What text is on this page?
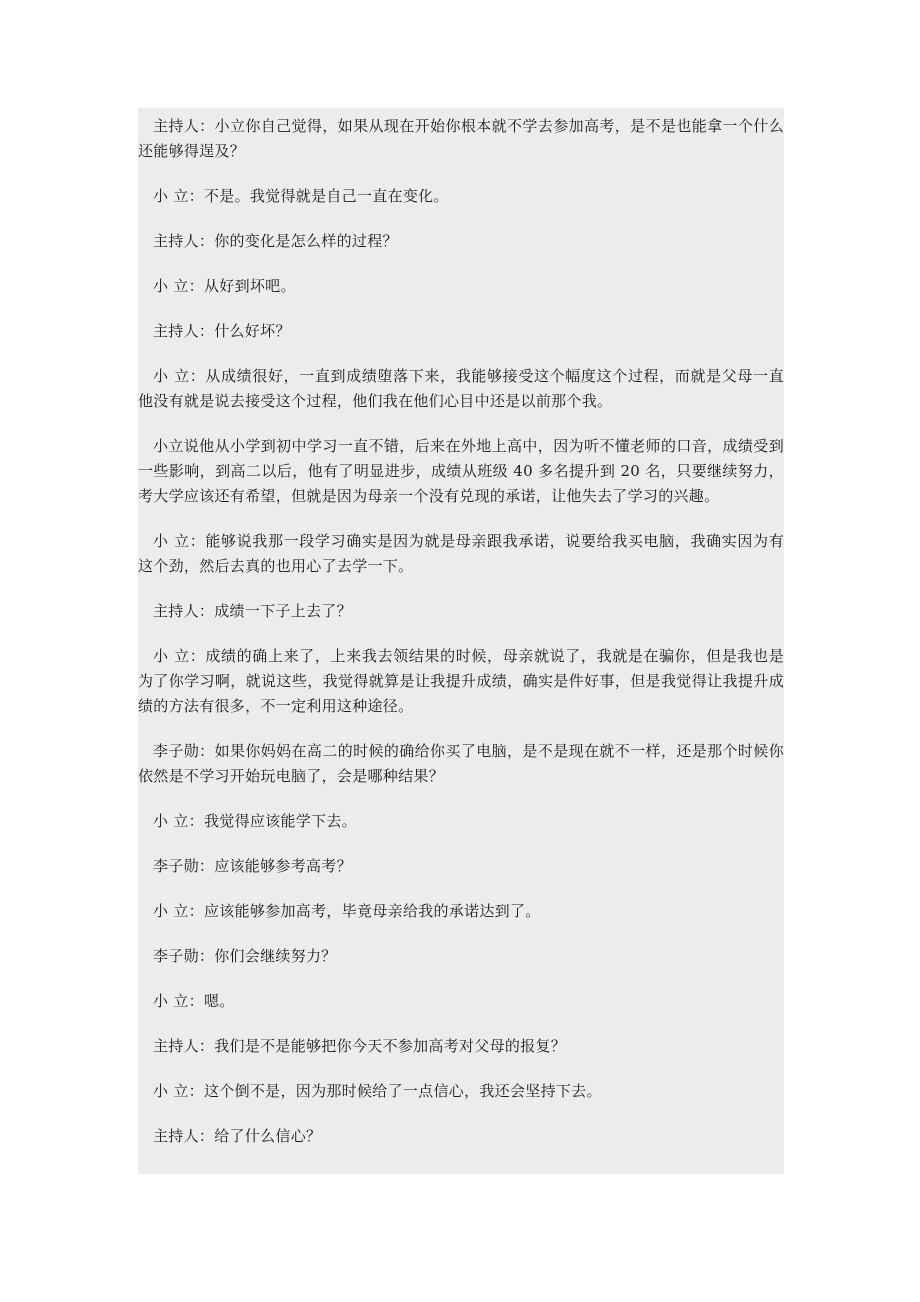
主持人：小立你自己觉得，如果从现在开始你根本就不学去参加高考，是不是也能拿一个什么还能够得逞及？

小 立：不是。我觉得就是自己一直在变化。

主持人：你的变化是怎么样的过程？

小 立：从好到坏吧。

主持人：什么好坏？

小 立：从成绩很好，一直到成绩堕落下来，我能够接受这个幅度这个过程，而就是父母一直他没有就是说去接受这个过程，他们我在他们心目中还是以前那个我。

小立说他从小学到初中学习一直不错，后来在外地上高中，因为听不懂老师的口音，成绩受到一些影响，到高二以后，他有了明显进步，成绩从班级 40 多名提升到 20 名，只要继续努力，考大学应该还有希望，但就是因为母亲一个没有兑现的承诺，让他失去了学习的兴趣。

小 立：能够说我那一段学习确实是因为就是母亲跟我承诺，说要给我买电脑，我确实因为有这个劲，然后去真的也用心了去学一下。

主持人：成绩一下子上去了？

小 立：成绩的确上来了，上来我去领结果的时候，母亲就说了，我就是在骗你，但是我也是为了你学习啊，就说这些，我觉得就算是让我提升成绩，确实是件好事，但是我觉得让我提升成绩的方法有很多，不一定利用这种途径。

李子勋：如果你妈妈在高二的时候的确给你买了电脑，是不是现在就不一样，还是那个时候你依然是不学习开始玩电脑了，会是哪种结果？

小 立：我觉得应该能学下去。

李子勋：应该能够参考高考？

小 立：应该能够参加高考，毕竟母亲给我的承诺达到了。

李子勋：你们会继续努力？

小 立：嗯。

主持人：我们是不是能够把你今天不参加高考对父母的报复？

小 立：这个倒不是，因为那时候给了一点信心，我还会坚持下去。

主持人：给了什么信心？
